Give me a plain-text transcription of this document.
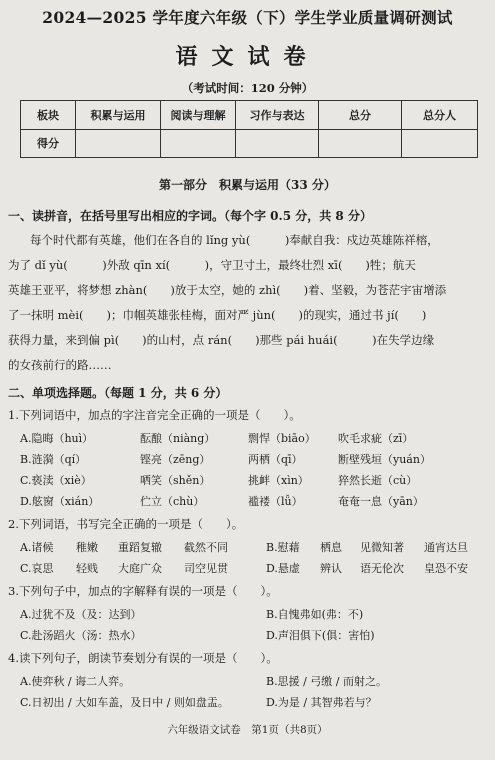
2024—2025 学年度六年级（下）学生学业质量调研测试
语文试卷
（考试时间：120 分钟）
板块	积累与运用	阅读与理解	习作与表达	总分	总分人
得分					
第一部分　积累与运用（33 分）
一、读拼音，在括号里写出相应的字词。（每个字 0.5 分，共 8 分）
每个时代都有英雄，他们在各自的 lǐng yù(　　　)奉献自我：戍边英雄陈祥榕，
为了 dǐ yù(　　　)外敌 qīn xí(　　　)，守卫寸土，最终壮烈 xī(　　)牲；航天
英雄王亚平，将梦想 zhàn(　　)放于太空，她的 zhì(　　)着、坚毅，为苍茫宇宙增添
了一抹明 mèi(　　)；巾帼英雄张桂梅，面对严 jùn(　　)的现实，通过书 jí(　　)
获得力量，来到偏 pì(　　)的山村，点 rán(　　)那些 pái huái(　　　)在失学边缘
的女孩前行的路……
二、单项选择题。（每题 1 分，共 6 分）
1.下列词语中，加点的字注音完全正确的一项是（　　）。
A.隐晦（huì）	酝酿（niàng）	剽悍（biāo） 吹毛求疵（zī）
B.涟漪（qí）	铿亮（zēng）	两栖（qī）	断壁残垣（yuán）
C.亵渎（xiè）	哂笑（shěn）	挑衅（xìn）	猝然长逝（cù）
D.舷窗（xián）	伫立（chù）	褴褛（lǚ）	奄奄一息（yān）
2.下列词语，书写完全正确的一项是（　　）。
A.诸候 稚嫩 重蹈复辙 截然不同	B.慰藉 栖息 见微知著 通宵达旦
C.哀思 轻贱 大庭广众 司空见贯	D.悬虚 辨认 语无伦次 皇恐不安
3.下列句子中，加点的字解释有误的一项是（　　）。
A.过犹不及（及：达到）	B.自愧弗如(弗：不)
C.赴汤蹈火（汤：热水）	D.声泪俱下(俱：害怕)
4.读下列句子，朗读节奏划分有误的一项是（　　）。
A.使弈秋 / 诲二人弈。	B.思援 / 弓缴 / 而射之。
C.日初出 / 大如车盖，及日中 / 则如盘盂。	D.为是 / 其智弗若与？
六年级语文试卷　第1页（共8页）
